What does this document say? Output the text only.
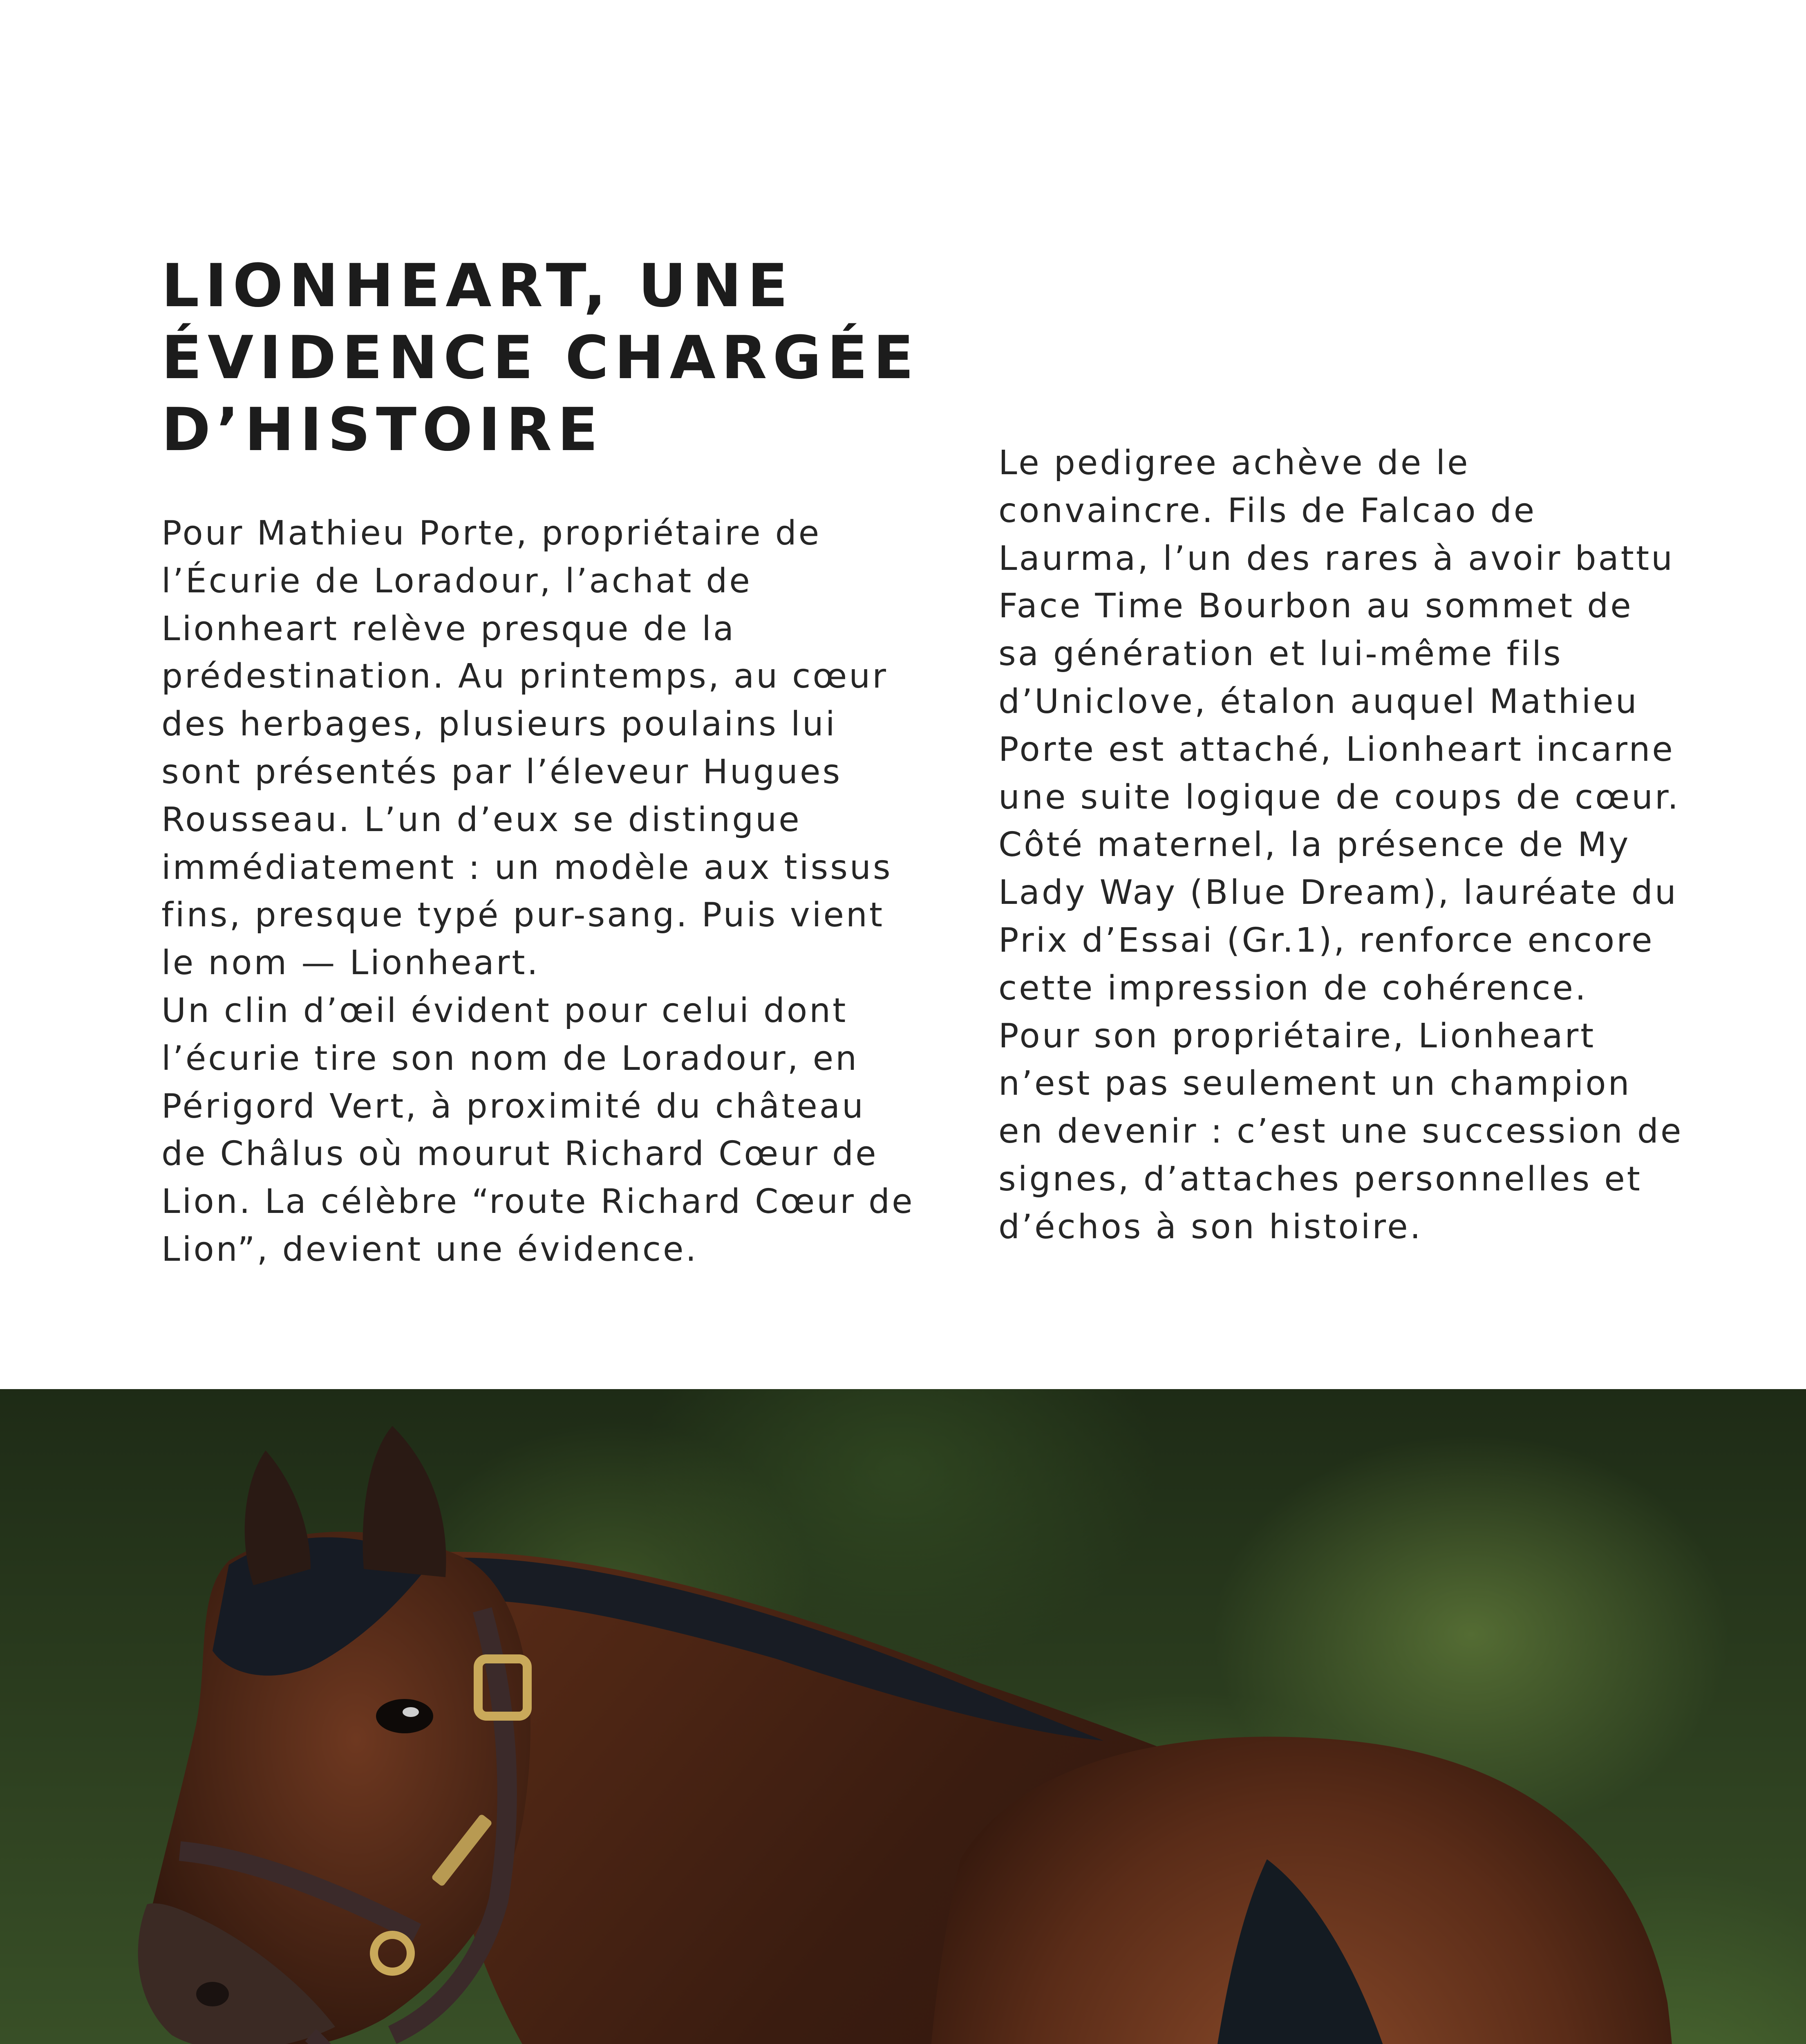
LIONHEART, UNE
ÉVIDENCE CHARGÉE
D’HISTOIRE
Pour Mathieu Porte, propriétaire de
l’Écurie de Loradour, l’achat de
Lionheart relève presque de la
prédestination. Au printemps, au cœur
des herbages, plusieurs poulains lui
sont présentés par l’éleveur Hugues
Rousseau. L’un d’eux se distingue
immédiatement : un modèle aux tissus
fins, presque typé pur-sang. Puis vient
le nom — Lionheart.
Un clin d’œil évident pour celui dont
l’écurie tire son nom de Loradour, en
Périgord Vert, à proximité du château
de Châlus où mourut Richard Cœur de
Lion. La célèbre “route Richard Cœur de
Lion”, devient une évidence.
Le pedigree achève de le
convaincre. Fils de Falcao de
Laurma, l’un des rares à avoir battu
Face Time Bourbon au sommet de
sa génération et lui-même fils
d’Uniclove, étalon auquel Mathieu
Porte est attaché, Lionheart incarne
une suite logique de coups de cœur.
Côté maternel, la présence de My
Lady Way (Blue Dream), lauréate du
Prix d’Essai (Gr.1), renforce encore
cette impression de cohérence.
Pour son propriétaire, Lionheart
n’est pas seulement un champion
en devenir : c’est une succession de
signes, d’attaches personnelles et
d’échos à son histoire.
